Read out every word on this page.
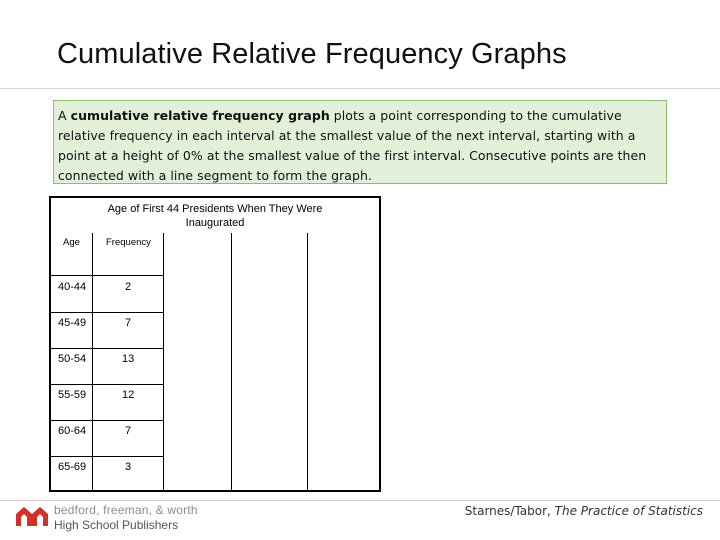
Cumulative Relative Frequency Graphs
A cumulative relative frequency graph plots a point corresponding to the cumulative relative frequency in each interval at the smallest value of the next interval, starting with a point at a height of 0% at the smallest value of the first interval. Consecutive points are then connected with a line segment to form the graph.
Age of First 44 Presidents When They Were
Inaugurated
Age	Frequency
40-44	2
45-49	7
50-54	13
55-59	12
60-64	7
65-69	3
bedford, freeman, & worth
High School Publishers
Starnes/Tabor, The Practice of Statistics
